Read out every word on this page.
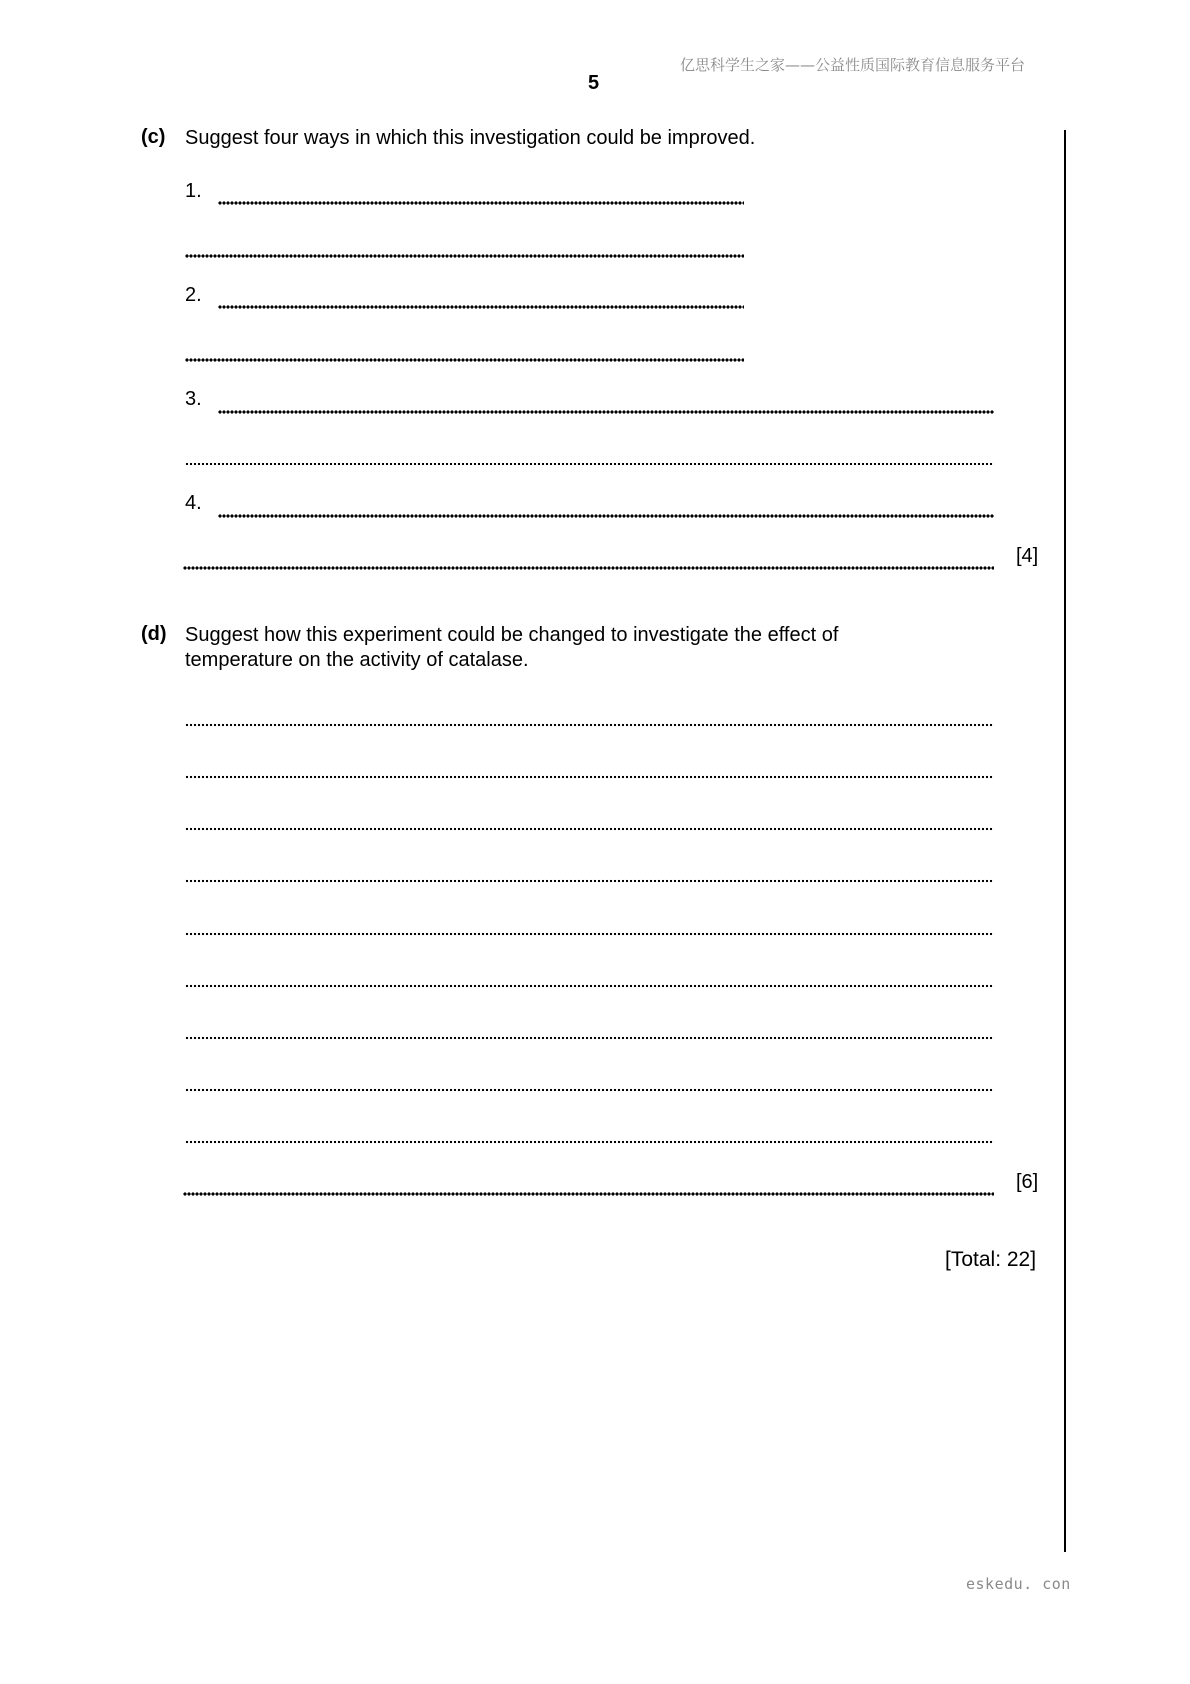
亿思科学生之家——公益性质国际教育信息服务平台
5
(c) Suggest four ways in which this investigation could be improved.
1.
2.
3.
4.
[4]
(d) Suggest how this experiment could be changed to investigate the effect of
temperature on the activity of catalase.
[6]
[Total: 22]
eskedu. con
